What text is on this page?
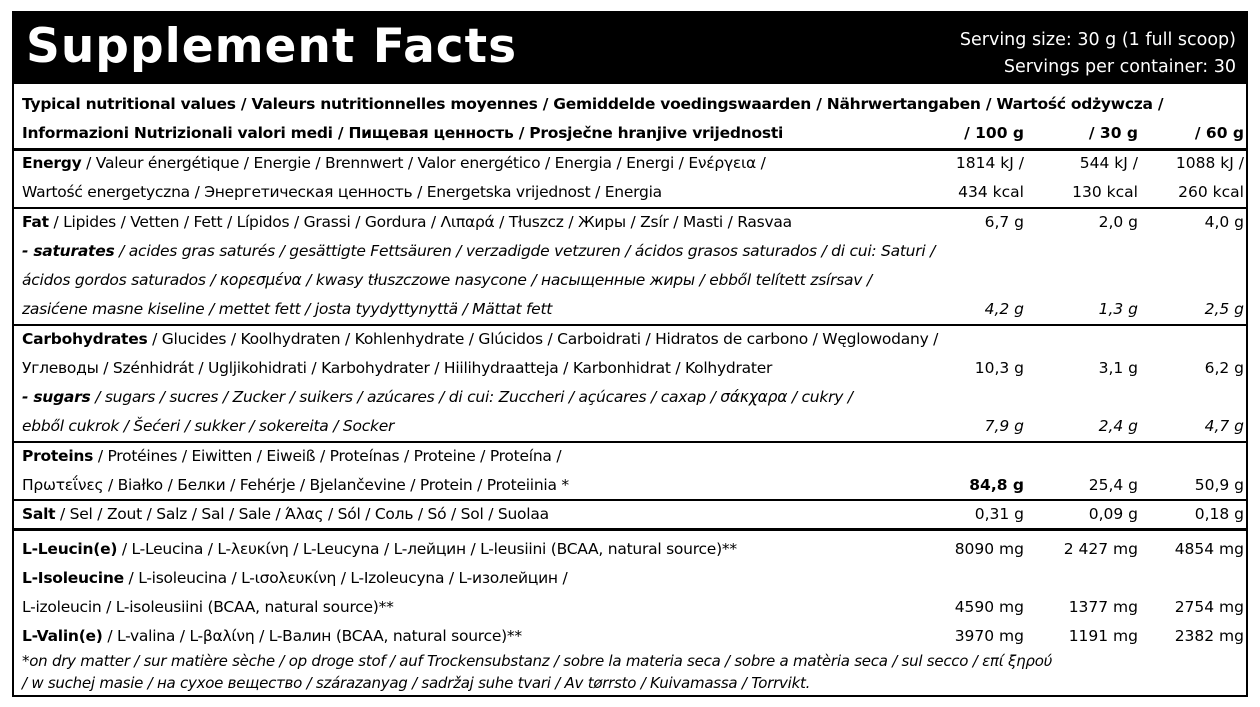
Supplement Facts	Serving size: 30 g (1 full scoop)
Servings per container: 30
Typical nutritional values / Valeurs nutritionnelles moyennes / Gemiddelde voedingswaarden / Nährwertangaben / Wartość odżywcza /
Informazioni Nutrizionali valori medi / Пищевая ценность / Prosječne hranjive vrijednosti	/ 100 g	/ 30 g	/ 60 g
Energy / Valeur énergétique / Energie / Brennwert / Valor energético / Energia / Energi / Ενέργεια /	1814 kJ /	544 kJ / 1088 kJ /
Wartość energetyczna / Энергетическая ценность / Energetska vrijednost / Energia	434 kcal	130 kcal	260 kcal
Fat / Lipides / Vetten / Fett / Lípidos / Grassi / Gordura / Λιπαρά / Tłuszcz / Жиры / Zsír / Masti / Rasvaa	6,7 g	2,0 g	4,0 g
- saturates / acides gras saturés / gesättigte Fettsäuren / verzadigde vetzuren / ácidos grasos saturados / di cui: Saturi /
ácidos gordos saturados / κορεσμένα / kwasy tłuszczowe nasycone / насыщенные жиры / ebből telített zsírsav /
zasićene masne kiseline / mettet fett / josta tyydyttynyttä / Mättat fett	4,2 g	1,3 g	2,5 g
Carbohydrates / Glucides / Koolhydraten / Kohlenhydrate / Glúcidos / Carboidrati / Hidratos de carbono / Węglowodany /
Углеводы / Szénhidrát / Ugljikohidrati / Karbohydrater / Hiilihydraatteja / Karbonhidrat / Kolhydrater	10,3 g	3,1 g	6,2 g
- sugars / sugars / sucres / Zucker / suikers / azúcares / di cui: Zuccheri / açúcares / сахар / σάκχαρα / cukry /
ebből cukrok / Šećeri / sukker / sokereita / Socker	7,9 g	2,4 g	4,7 g
Proteins / Protéines / Eiwitten / Eiweiß / Proteínas / Proteine / Proteína /
Πρωτεΐνες / Białko / Белки / Fehérje / Bjelančevine / Protein / Proteiinia *	84,8 g	25,4 g	50,9 g
Salt / Sel / Zout / Salz / Sal / Sale / Άλας / Sól / Соль / Só / Sol / Suolaa	0,31 g	0,09 g	0,18 g
L-Leucin(e) / L-Leucina / L-λευκίνη / L-Leucyna / L-лейцин / L-leusiini (BCAA, natural source)**	8090 mg	2 427 mg 4854 mg
L-Isoleucine / L-isoleucina / L-ισολευκίνη / L-Izoleucyna / L-изолейцин /
L-izoleucin / L-isoleusiini (BCAA, natural source)**	4590 mg	1377 mg 2754 mg
L-Valin(e) / L-valina / L-βαλίνη / L-Валин (BCAA, natural source)**	3970 mg	1191 mg 2382 mg
*on dry matter / sur matière sèche / op droge stof / auf Trockensubstanz / sobre la materia seca / sobre a matèria seca / sul secco / επί ξηρού
/ w suchej masie / на сухое вещество / szárazanyag / sadržaj suhe tvari / Av tørrsto / Kuivamassa / Torrvikt.
